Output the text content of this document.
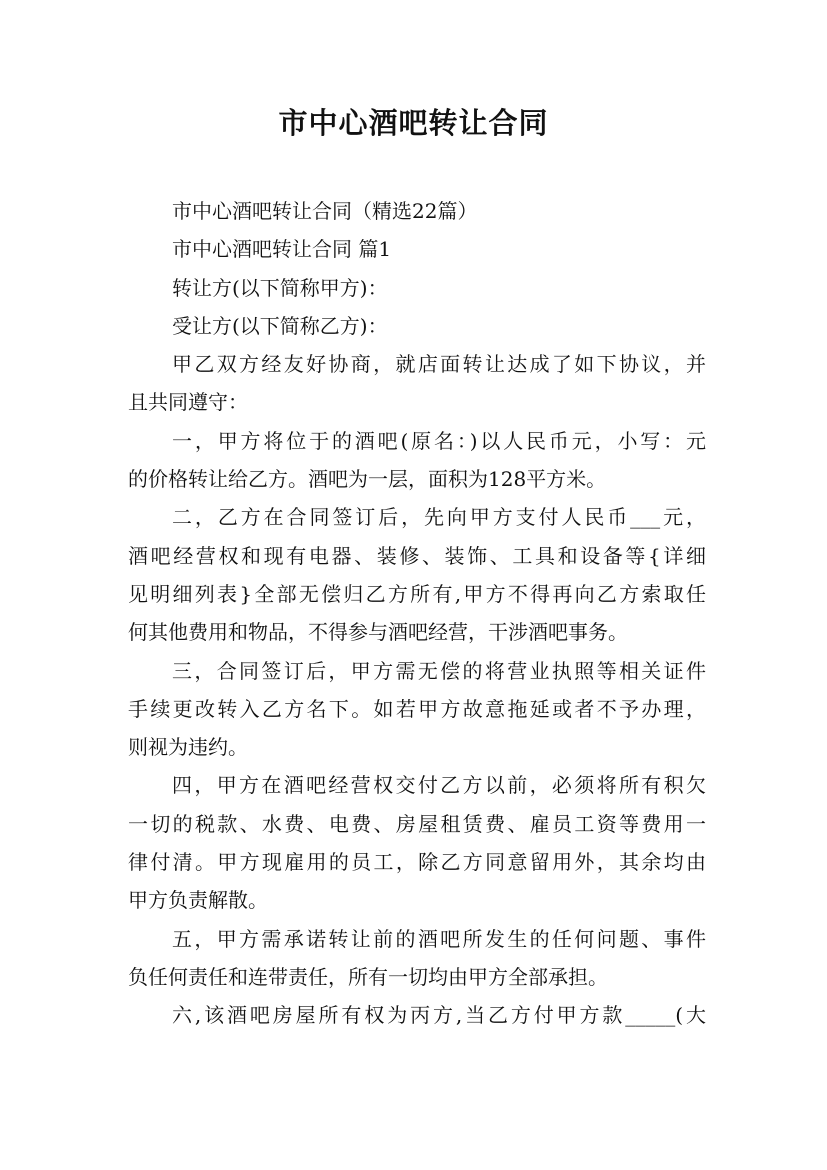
市中心酒吧转让合同

市中心酒吧转让合同（精选22篇）

市中心酒吧转让合同 篇1

转让方(以下简称甲方)：

受让方(以下简称乙方)：

甲乙双方经友好协商，就店面转让达成了如下协议，并

且共同遵守：

一，甲方将位于的酒吧(原名：)以人民币元，小写：元

的价格转让给乙方。酒吧为一层，面积为128平方米。

二，乙方在合同签订后，先向甲方支付人民币___元，

酒吧经营权和现有电器、装修、装饰、工具和设备等{详细

见明细列表}全部无偿归乙方所有,甲方不得再向乙方索取任

何其他费用和物品，不得参与酒吧经营，干涉酒吧事务。

三，合同签订后，甲方需无偿的将营业执照等相关证件

手续更改转入乙方名下。如若甲方故意拖延或者不予办理，

则视为违约。

四，甲方在酒吧经营权交付乙方以前，必须将所有积欠

一切的税款、水费、电费、房屋租赁费、雇员工资等费用一

律付清。甲方现雇用的员工，除乙方同意留用外，其余均由

甲方负责解散。

五，甲方需承诺转让前的酒吧所发生的任何问题、事件

负任何责任和连带责任，所有一切均由甲方全部承担。

六,该酒吧房屋所有权为丙方,当乙方付甲方款_____(大
